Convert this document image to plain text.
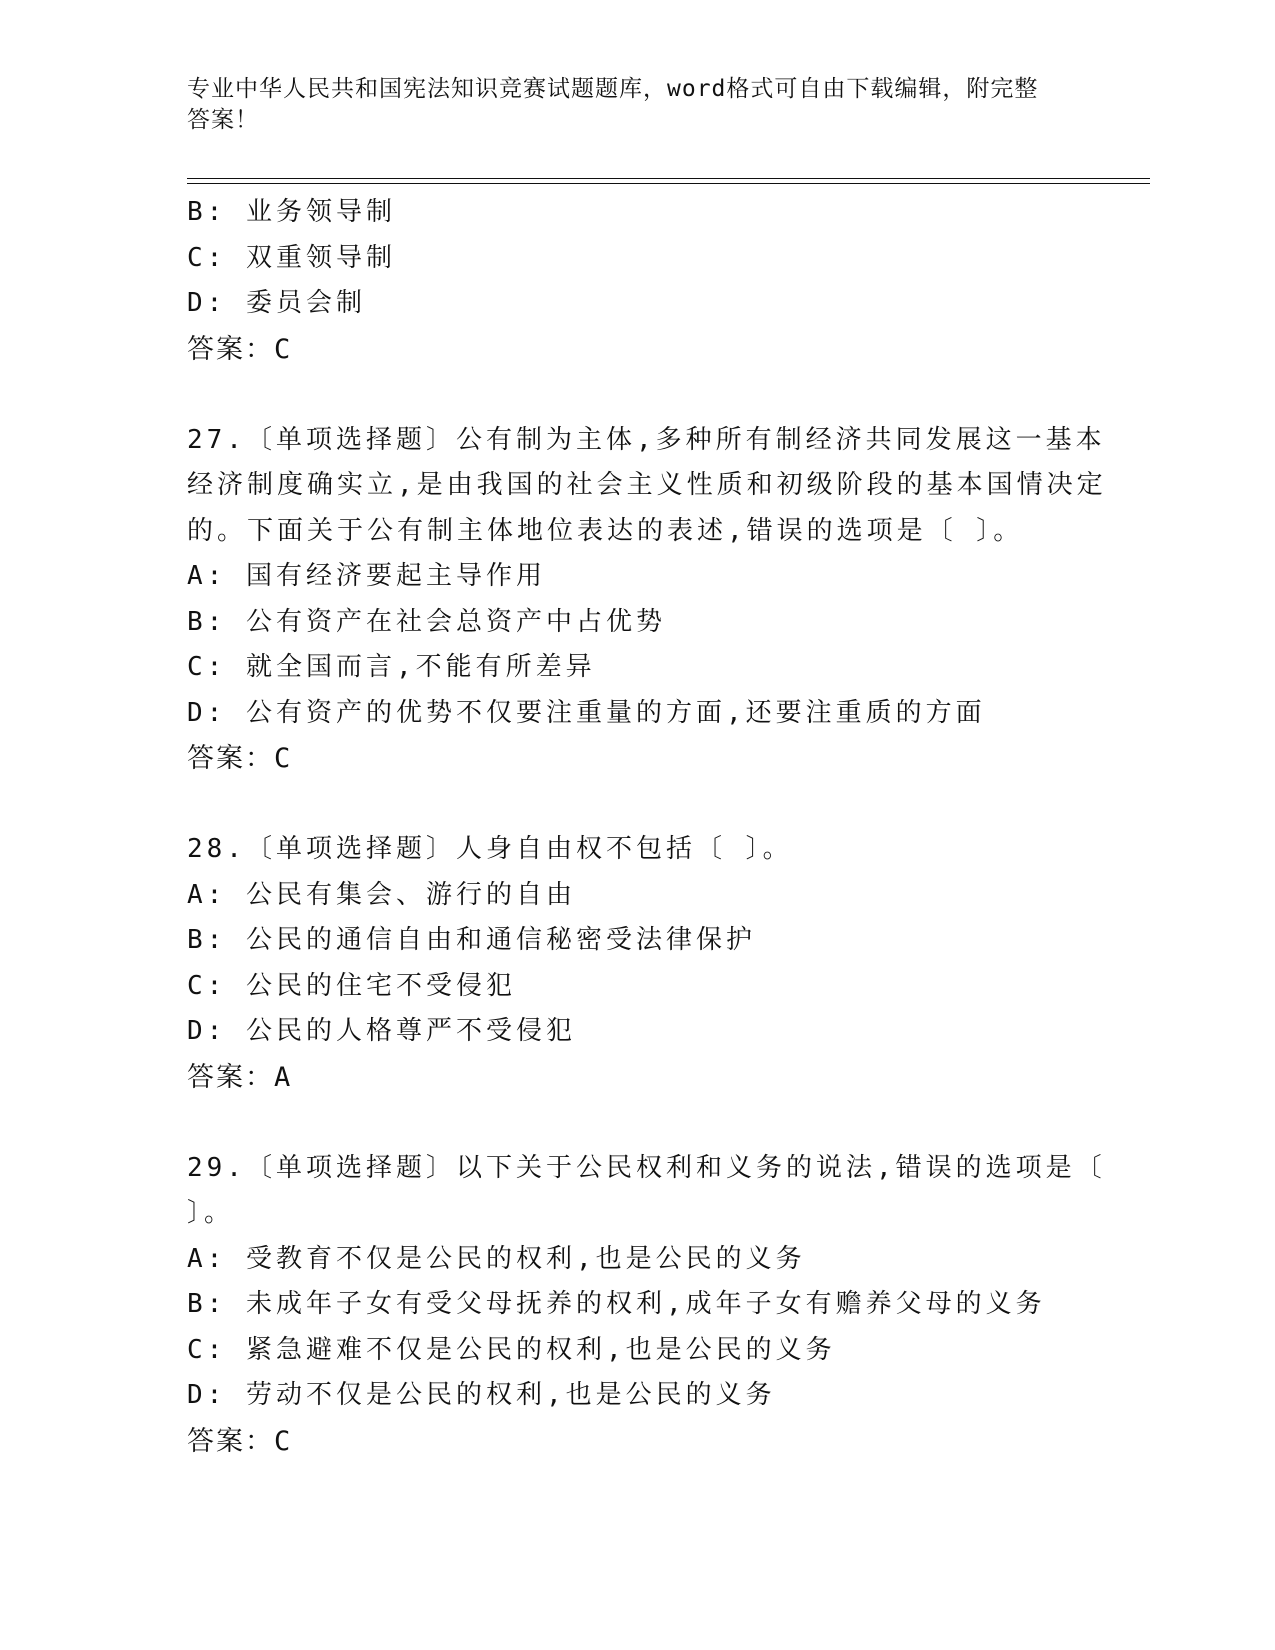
专业中华人民共和国宪法知识竞赛试题题库，word格式可自由下载编辑，附完整
答案！
B: 业务领导制
C: 双重领导制
D: 委员会制
答案：C
27.〔单项选择题〕公有制为主体,多种所有制经济共同发展这一基本
经济制度确实立,是由我国的社会主义性质和初级阶段的基本国情决定
的。下面关于公有制主体地位表达的表述,错误的选项是〔 〕。
A: 国有经济要起主导作用
B: 公有资产在社会总资产中占优势
C: 就全国而言,不能有所差异
D: 公有资产的优势不仅要注重量的方面,还要注重质的方面
答案：C
28.〔单项选择题〕人身自由权不包括〔 〕。
A: 公民有集会、游行的自由
B: 公民的通信自由和通信秘密受法律保护
C: 公民的住宅不受侵犯
D: 公民的人格尊严不受侵犯
答案：A
29.〔单项选择题〕以下关于公民权利和义务的说法,错误的选项是〔
〕。
A: 受教育不仅是公民的权利,也是公民的义务
B: 未成年子女有受父母抚养的权利,成年子女有赡养父母的义务
C: 紧急避难不仅是公民的权利,也是公民的义务
D: 劳动不仅是公民的权利,也是公民的义务
答案：C
